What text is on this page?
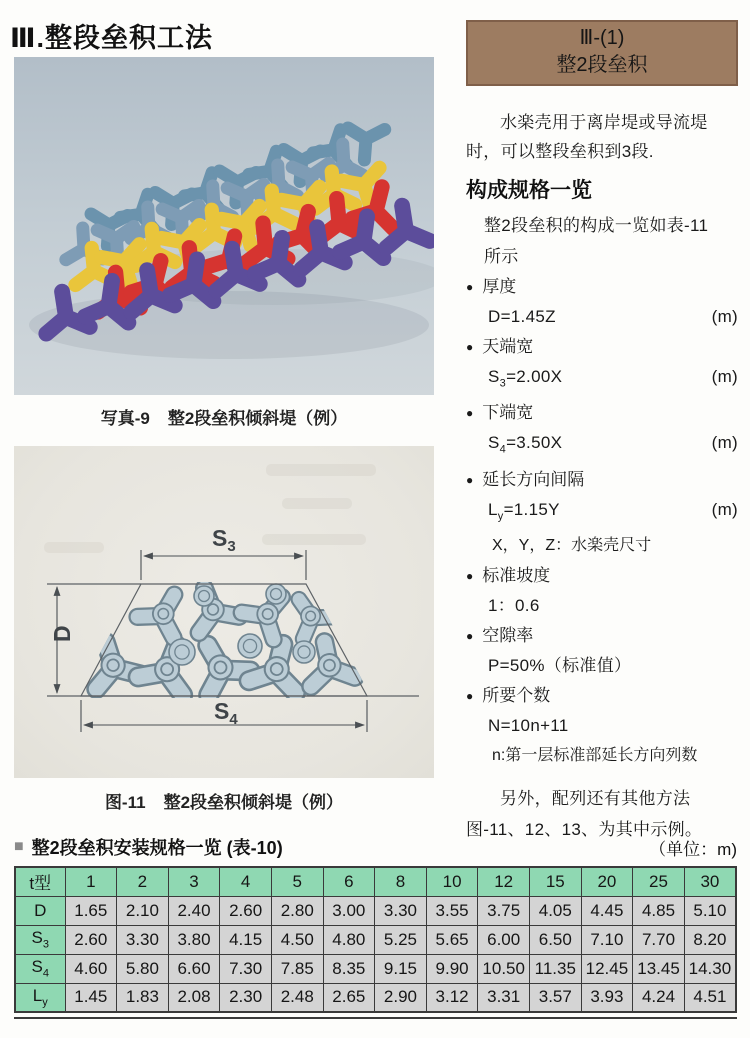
Ⅲ.整段垒积工法
写真-9 整2段垒积倾斜堤（例）
$S_3$
D
$S_4$
图-11 整2段垒积倾斜堤（例）
Ⅲ-(1)
整2段垒积

水楽壳用于离岸堤或导流堤时，可以整段垒积到3段.

构成规格一览

整2段垒积的构成一览如表-11
所示

● 厚度
D=1.45Z	(m)
● 天端宽
$S_3=2.00X$	(m)
● 下端宽
$S_4=3.50X$	(m)
● 延长方向间隔
$L_y=1.15Y$	(m)
X，Y，Z：水楽壳尺寸
● 标准坡度
1：0.6
● 空隙率
P=50%（标准值）
● 所要个数
N=10n+11
n:第一层标准部延长方向列数

另外，配列还有其他方法 图-11、12、13、为其中示例。

■ 整2段垒积安装规格一览 (表-10)	（单位：m)
t型	1	2	3	4	5	6	8	10	12	15	20	25	30
D	1.65	2.10	2.40	2.60	2.80	3.00	3.30	3.55	3.75	4.05	4.45	4.85	5.10
$S_3$	2.60	3.30	3.80	4.15	4.50	4.80	5.25	5.65	6.00	6.50	7.10	7.70	8.20
$S_4$	4.60	5.80	6.60	7.30	7.85	8.35	9.15	9.90	10.50	11.35	12.45	13.45	14.30
$L_y$	1.45	1.83	2.08	2.30	2.48	2.65	2.90	3.12	3.31	3.57	3.93	4.24	4.51
